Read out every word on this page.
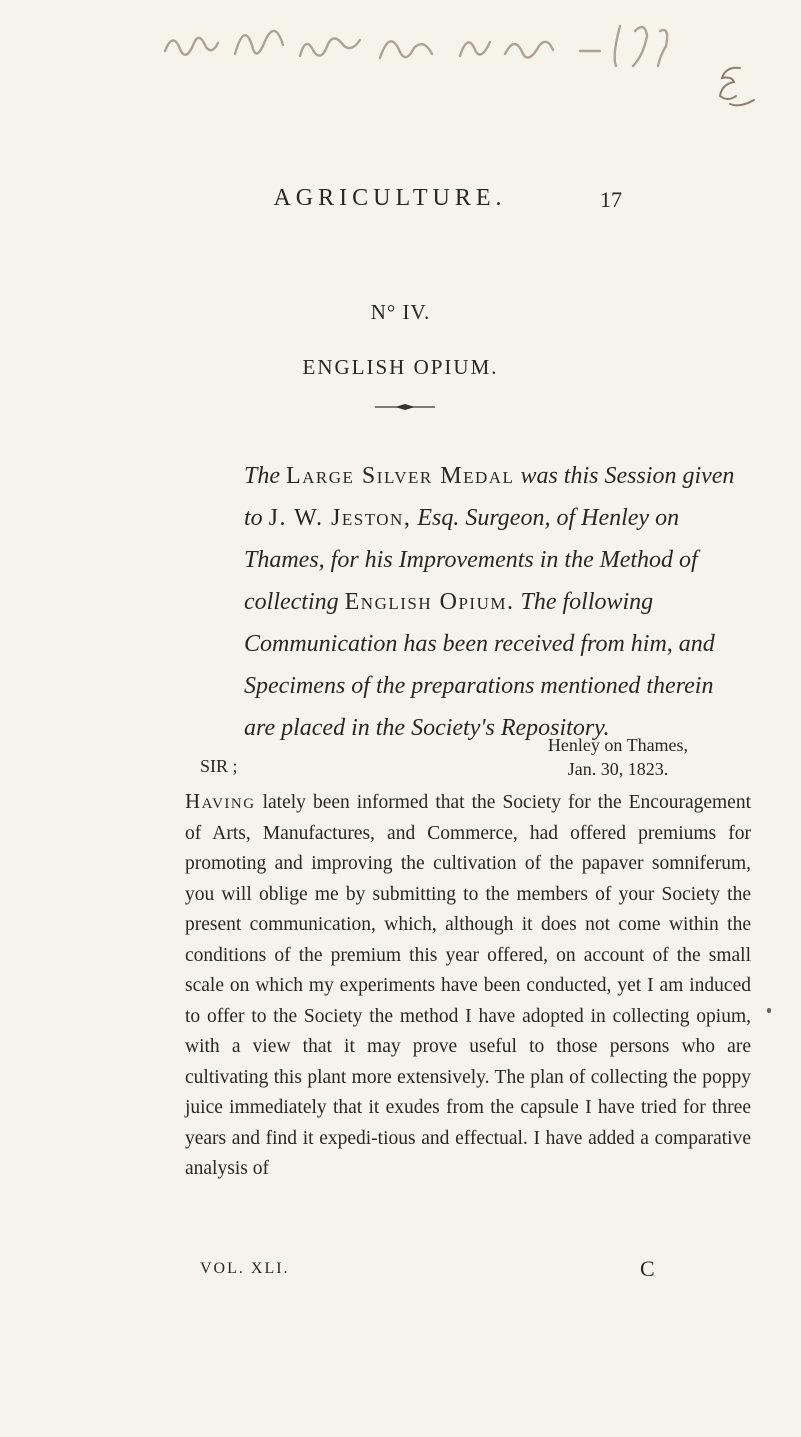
AGRICULTURE.	17
N° IV.
ENGLISH OPIUM.

The Large Silver Medal was this Session given to J. W. Jeston, Esq. Surgeon, of Henley on Thames, for his Improvements in the Method of collecting English Opium. The following Communication has been received from him, and Specimens of the preparations mentioned therein are placed in the Society's Repository.

Henley on Thames,
Jan. 30, 1823.
SIR ;

Having lately been informed that the Society for the Encouragement of Arts, Manufactures, and Commerce, had offered premiums for promoting and improving the cultivation of the papaver somniferum, you will oblige me by submitting to the members of your Society the present communication, which, although it does not come within the conditions of the premium this year offered, on account of the small scale on which my experiments have been conducted, yet I am induced to offer to the Society the method I have adopted in collecting opium, with a view that it may prove useful to those persons who are cultivating this plant more extensively. The plan of collecting the poppy juice immediately that it exudes from the capsule I have tried for three years and find it expedi-tious and effectual. I have added a comparative analysis of

VOL. XLI.	C
